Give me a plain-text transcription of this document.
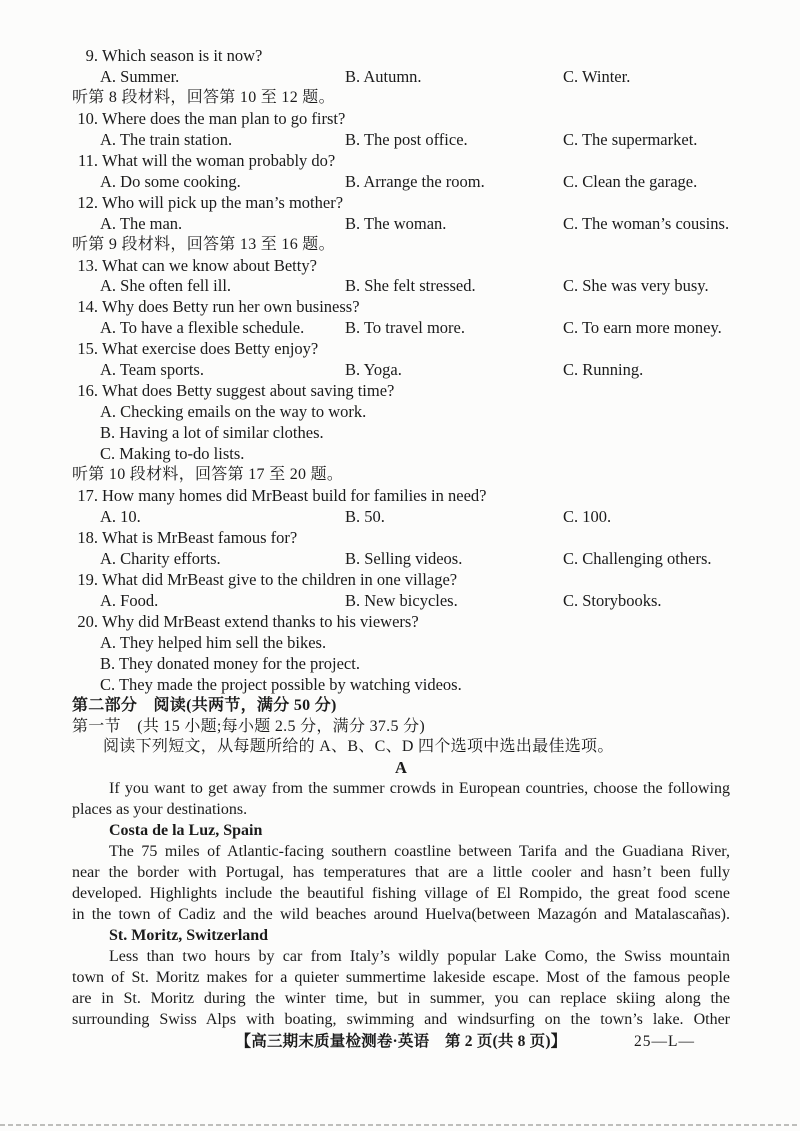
9. Which season is it now?
A. Summer.	B. Autumn.	C. Winter.
听第 8 段材料，回答第 10 至 12 题。
10. Where does the man plan to go first?
A. The train station.	B. The post office.	C. The supermarket.
11. What will the woman probably do?
A. Do some cooking.	B. Arrange the room.	C. Clean the garage.
12. Who will pick up the man’s mother?
A. The man.	B. The woman.	C. The woman’s cousins.
听第 9 段材料，回答第 13 至 16 题。
13. What can we know about Betty?
A. She often fell ill.	B. She felt stressed.	C. She was very busy.
14. Why does Betty run her own business?
A. To have a flexible schedule.	B. To travel more.	C. To earn more money.
15. What exercise does Betty enjoy?
A. Team sports.	B. Yoga.	C. Running.
16. What does Betty suggest about saving time?
A. Checking emails on the way to work.
B. Having a lot of similar clothes.
C. Making to-do lists.
听第 10 段材料，回答第 17 至 20 题。
17. How many homes did MrBeast build for families in need?
A. 10.	B. 50.	C. 100.
18. What is MrBeast famous for?
A. Charity efforts.	B. Selling videos.	C. Challenging others.
19. What did MrBeast give to the children in one village?
A. Food.	B. New bicycles.	C. Storybooks.
20. Why did MrBeast extend thanks to his viewers?
A. They helped him sell the bikes.
B. They donated money for the project.
C. They made the project possible by watching videos.
第二部分　阅读(共两节，满分 50 分)
第一节　(共 15 小题;每小题 2.5 分，满分 37.5 分)
阅读下列短文，从每题所给的 A、B、C、D 四个选项中选出最佳选项。
A
If you want to get away from the summer crowds in European countries, choose the following
places as your destinations.
Costa de la Luz, Spain
The 75 miles of Atlantic-facing southern coastline between Tarifa and the Guadiana River,
near the border with Portugal, has temperatures that are a little cooler and hasn’t been fully
developed. Highlights include the beautiful fishing village of El Rompido, the great food scene
in the town of Cadiz and the wild beaches around Huelva(between Mazagón and Matalascañas).
St. Moritz, Switzerland
Less than two hours by car from Italy’s wildly popular Lake Como, the Swiss mountain
town of St. Moritz makes for a quieter summertime lakeside escape. Most of the famous people
are in St. Moritz during the winter time, but in summer, you can replace skiing along the
surrounding Swiss Alps with boating, swimming and windsurfing on the town’s lake. Other
【高三期末质量检测卷·英语　第 2 页(共 8 页)】	25—L—
